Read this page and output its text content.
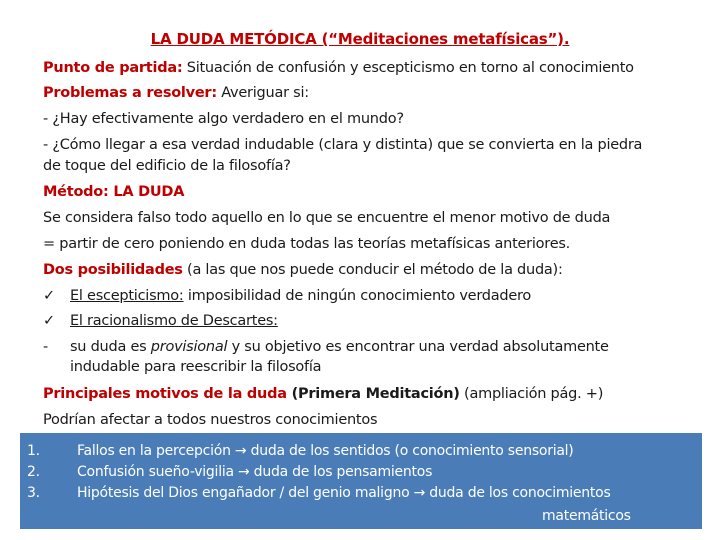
LA DUDA METÓDICA (“Meditaciones metafísicas”).
Punto de partida: Situación de confusión y escepticismo en torno al conocimiento
Problemas a resolver: Averiguar si:
- ¿Hay efectivamente algo verdadero en el mundo?
- ¿Cómo llegar a esa verdad indudable (clara y distinta) que se convierta en la piedra
de toque del edificio de la filosofía?
Método: LA DUDA
Se considera falso todo aquello en lo que se encuentre el menor motivo de duda
= partir de cero poniendo en duda todas las teorías metafísicas anteriores.
Dos posibilidades (a las que nos puede conducir el método de la duda):
✓ El escepticismo: imposibilidad de ningún conocimiento verdadero
✓ El racionalismo de Descartes:
- su duda es provisional y su objetivo es encontrar una verdad absolutamente
indudable para reescribir la filosofía
Principales motivos de la duda (Primera Meditación) (ampliación pág. +)
Podrían afectar a todos nuestros conocimientos
1.	Fallos en la percepción → duda de los sentidos (o conocimiento sensorial)
2.	Confusión sueño-vigilia → duda de los pensamientos
3.	Hipótesis del Dios engañador / del genio maligno → duda de los conocimientos
matemáticos
